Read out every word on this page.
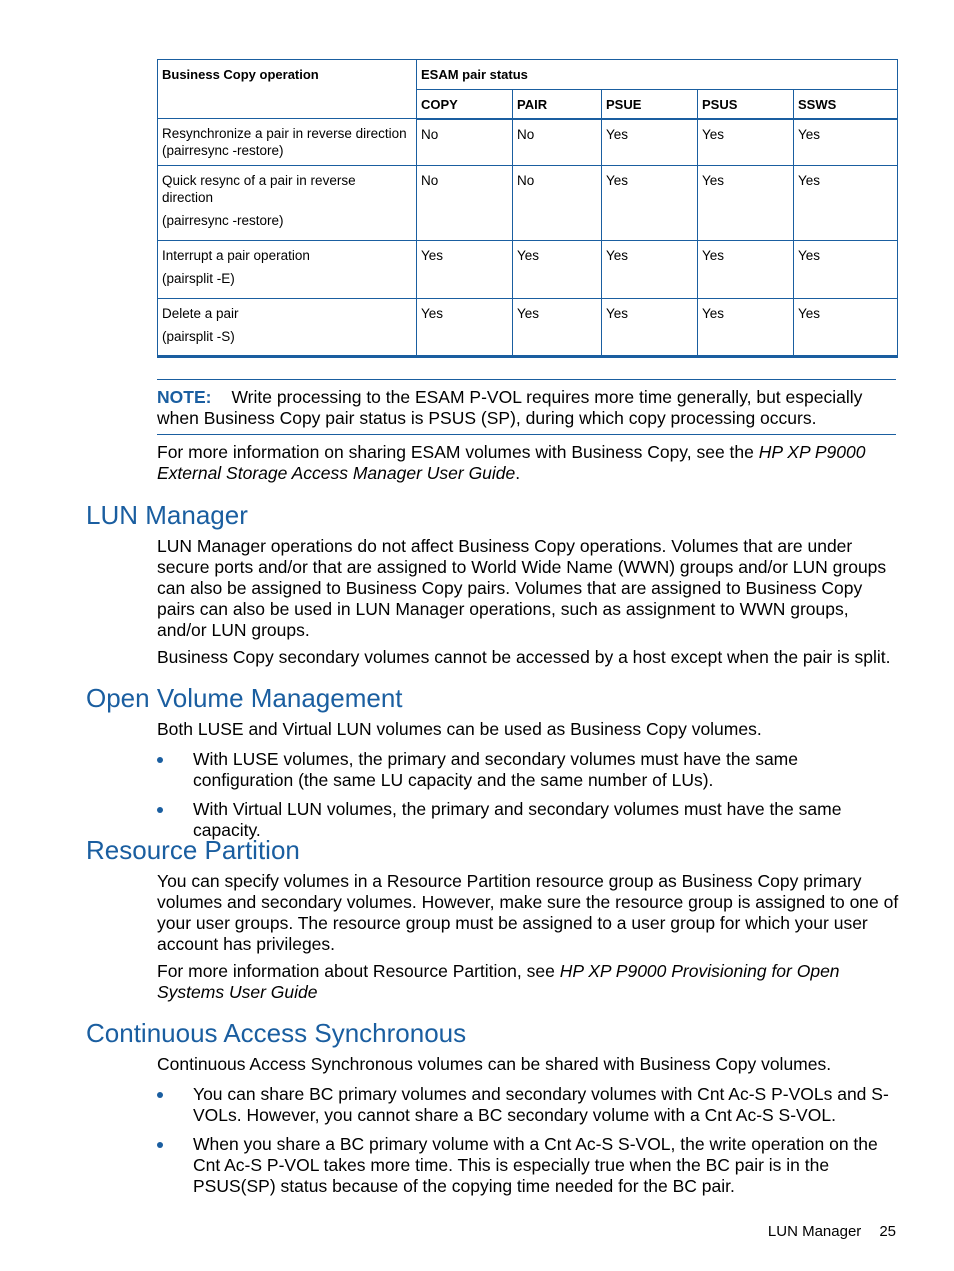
Business Copy operation	ESAM pair status				
	COPY	PAIR	PSUE	PSUS	SSWS
Resynchronize a pair in reverse direction
(pairresync -restore)	No	No	Yes	Yes	Yes

Quick resync of a pair in reverse direction
(pairresync -restore)	No	No	Yes	Yes	Yes
Interrupt a pair operation
(pairsplit -E)	Yes	Yes	Yes	Yes	Yes
Delete a pair
(pairsplit -S)	Yes	Yes	Yes	Yes	Yes
NOTE: Write processing to the ESAM P-VOL requires more time generally, but especially when Business Copy pair status is PSUS (SP), during which copy processing occurs.

For more information on sharing ESAM volumes with Business Copy, see the HP XP P9000 External Storage Access Manager User Guide.

LUN Manager

LUN Manager operations do not affect Business Copy operations. Volumes that are under secure ports and/or that are assigned to World Wide Name (WWN) groups and/or LUN groups can also be assigned to Business Copy pairs. Volumes that are assigned to Business Copy pairs can also be used in LUN Manager operations, such as assignment to WWN groups, and/or LUN groups.

Business Copy secondary volumes cannot be accessed by a host except when the pair is split.

Open Volume Management

Both LUSE and Virtual LUN volumes can be used as Business Copy volumes.

With LUSE volumes, the primary and secondary volumes must have the same configuration (the same LU capacity and the same number of LUs).
With Virtual LUN volumes, the primary and secondary volumes must have the same capacity.
Resource Partition

You can specify volumes in a Resource Partition resource group as Business Copy primary volumes and secondary volumes. However, make sure the resource group is assigned to one of your user groups. The resource group must be assigned to a user group for which your user account has privileges.

For more information about Resource Partition, see HP XP P9000 Provisioning for Open Systems User Guide

Continuous Access Synchronous

Continuous Access Synchronous volumes can be shared with Business Copy volumes.

You can share BC primary volumes and secondary volumes with Cnt Ac-S P-VOLs and S-VOLs. However, you cannot share a BC secondary volume with a Cnt Ac-S S-VOL.
When you share a BC primary volume with a Cnt Ac-S S-VOL, the write operation on the Cnt Ac-S P-VOL takes more time. This is especially true when the BC pair is in the PSUS(SP) status because of the copying time needed for the BC pair.
LUN Manager 25
